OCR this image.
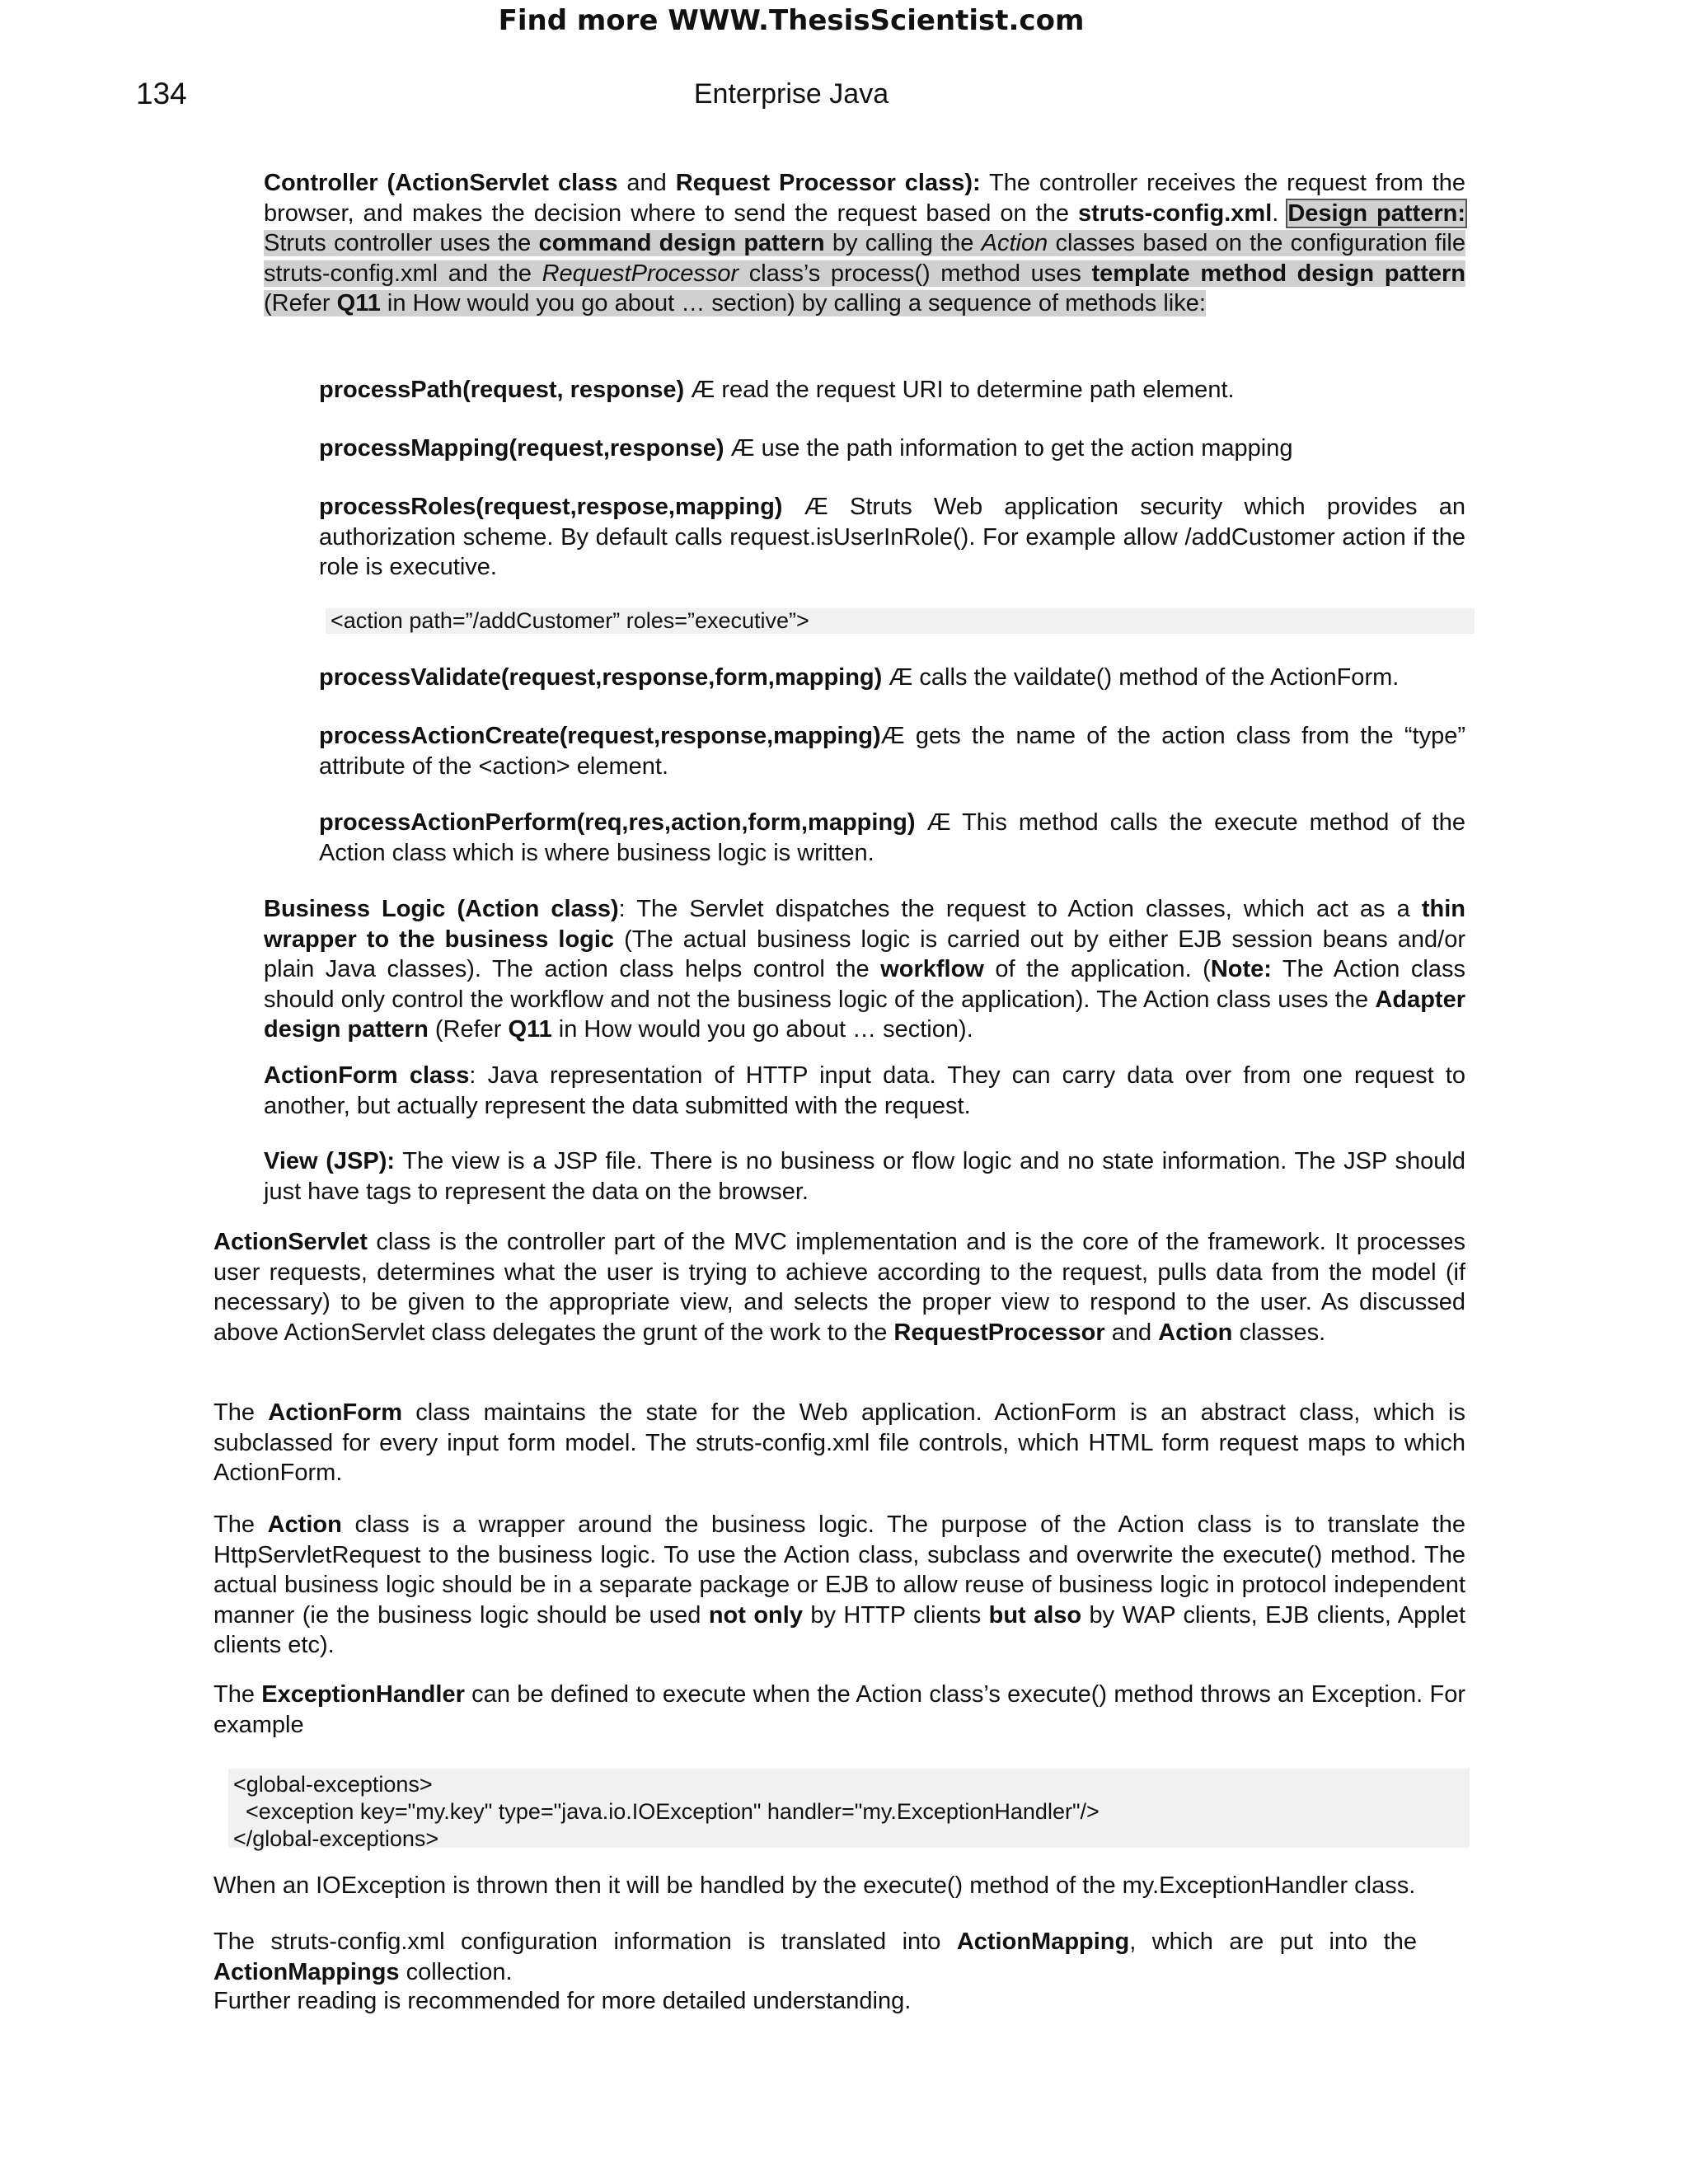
Find more WWW.ThesisScientist.com
134	Enterprise Java

Controller (ActionServlet class and Request Processor class): The controller receives the request from the browser, and makes the decision where to send the request based on the struts-config.xml. Design pattern: Struts controller uses the command design pattern by calling the Action classes based on the configuration file struts-config.xml and the RequestProcessor class’s process() method uses template method design pattern (Refer Q11 in How would you go about … section) by calling a sequence of methods like:

processPath(request, response) Æ read the request URI to determine path element.

processMapping(request,response) Æ use the path information to get the action mapping

processRoles(request,respose,mapping) Æ Struts Web application security which provides an authorization scheme. By default calls request.isUserInRole(). For example allow /addCustomer action if the role is executive.

<action path=”/addCustomer” roles=”executive”>

processValidate(request,response,form,mapping) Æ calls the vaildate() method of the ActionForm.

processActionCreate(request,response,mapping)Æ gets the name of the action class from the “type” attribute of the <action> element.

processActionPerform(req,res,action,form,mapping) Æ This method calls the execute method of the Action class which is where business logic is written.

Business Logic (Action class): The Servlet dispatches the request to Action classes, which act as a thin wrapper to the business logic (The actual business logic is carried out by either EJB session beans and/or plain Java classes). The action class helps control the workflow of the application. (Note: The Action class should only control the workflow and not the business logic of the application). The Action class uses the Adapter design pattern (Refer Q11 in How would you go about … section).

ActionForm class: Java representation of HTTP input data. They can carry data over from one request to another, but actually represent the data submitted with the request.

View (JSP): The view is a JSP file. There is no business or flow logic and no state information. The JSP should just have tags to represent the data on the browser.

ActionServlet class is the controller part of the MVC implementation and is the core of the framework. It processes user requests, determines what the user is trying to achieve according to the request, pulls data from the model (if necessary) to be given to the appropriate view, and selects the proper view to respond to the user. As discussed above ActionServlet class delegates the grunt of the work to the RequestProcessor and Action classes.

The ActionForm class maintains the state for the Web application. ActionForm is an abstract class, which is subclassed for every input form model. The struts-config.xml file controls, which HTML form request maps to which ActionForm.

The Action class is a wrapper around the business logic. The purpose of the Action class is to translate the HttpServletRequest to the business logic. To use the Action class, subclass and overwrite the execute() method. The actual business logic should be in a separate package or EJB to allow reuse of business logic in protocol independent manner (ie the business logic should be used not only by HTTP clients but also by WAP clients, EJB clients, Applet clients etc).

The ExceptionHandler can be defined to execute when the Action class’s execute() method throws an Exception. For example

<global-exceptions>
<exception key="my.key" type="java.io.IOException" handler="my.ExceptionHandler"/>
</global-exceptions>

When an IOException is thrown then it will be handled by the execute() method of the my.ExceptionHandler class.

The struts-config.xml configuration information is translated into ActionMapping, which are put into the ActionMappings collection.

Further reading is recommended for more detailed understanding.
